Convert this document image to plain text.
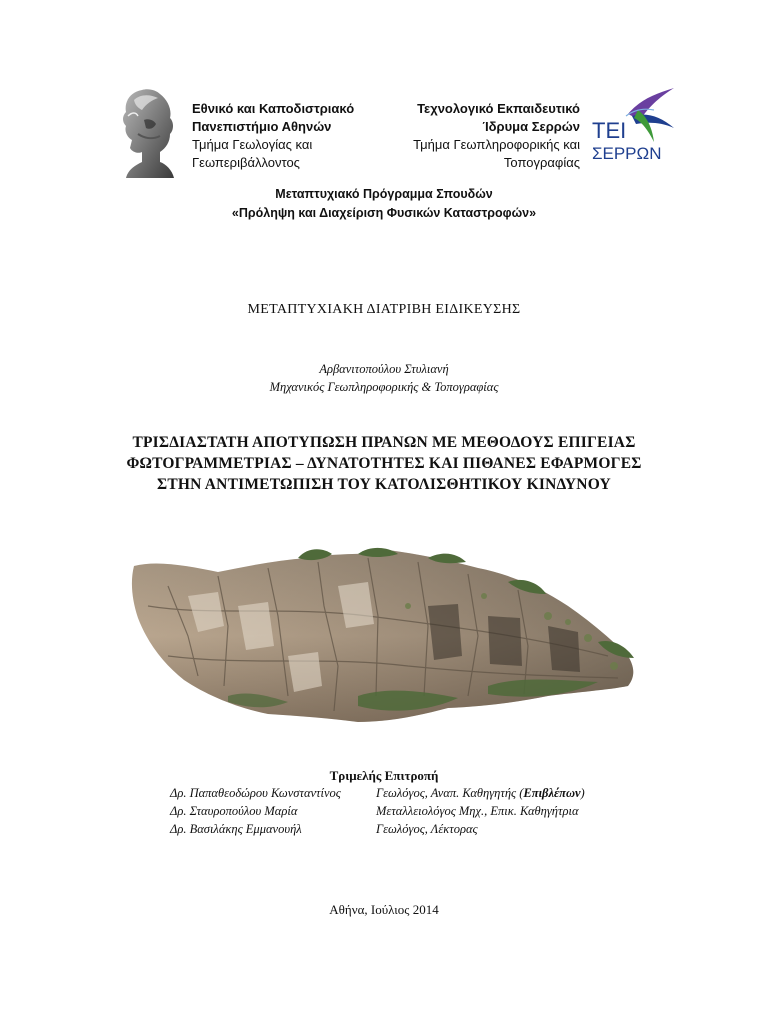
Εθνικό και Καποδιστριακό
Πανεπιστήμιο Αθηνών
Τμήμα Γεωλογίας και
Γεωπεριβάλλοντος
Τεχνολογικό Εκπαιδευτικό
Ίδρυμα Σερρών
Τμήμα Γεωπληροφορικής και
Τοπογραφίας
ΤΕΙ
ΣΕΡΡΩΝ
Μεταπτυχιακό Πρόγραμμα Σπουδών
«Πρόληψη και Διαχείριση Φυσικών Καταστροφών»
ΜΕΤΑΠΤΥΧΙΑΚΗ ΔΙΑΤΡΙΒΗ ΕΙΔΙΚΕΥΣΗΣ
Αρβανιτοπούλου Στυλιανή
Μηχανικός Γεωπληροφορικής & Τοπογραφίας
ΤΡΙΣΔΙΑΣΤΑΤΗ ΑΠΟΤΥΠΩΣΗ ΠΡΑΝΩΝ ΜΕ ΜΕΘΟΔΟΥΣ ΕΠΙΓΕΙΑΣ
ΦΩΤΟΓΡΑΜΜΕΤΡΙΑΣ – ΔΥΝΑΤΟΤΗΤΕΣ ΚΑΙ ΠΙΘΑΝΕΣ ΕΦΑΡΜΟΓΕΣ
ΣΤΗΝ ΑΝΤΙΜΕΤΩΠΙΣΗ ΤΟΥ ΚΑΤΟΛΙΣΘΗΤΙΚΟΥ ΚΙΝΔΥΝΟΥ
Τριμελής Επιτροπή
Δρ. Παπαθεοδώρου Κωνσταντίνος	Γεωλόγος, Αναπ. Καθηγητής (Επιβλέπων)
Δρ. Σταυροπούλου Μαρία	Μεταλλειολόγος Μηχ., Επικ. Καθηγήτρια
Δρ. Βασιλάκης Εμμανουήλ	Γεωλόγος, Λέκτορας
Αθήνα, Ιούλιος 2014
